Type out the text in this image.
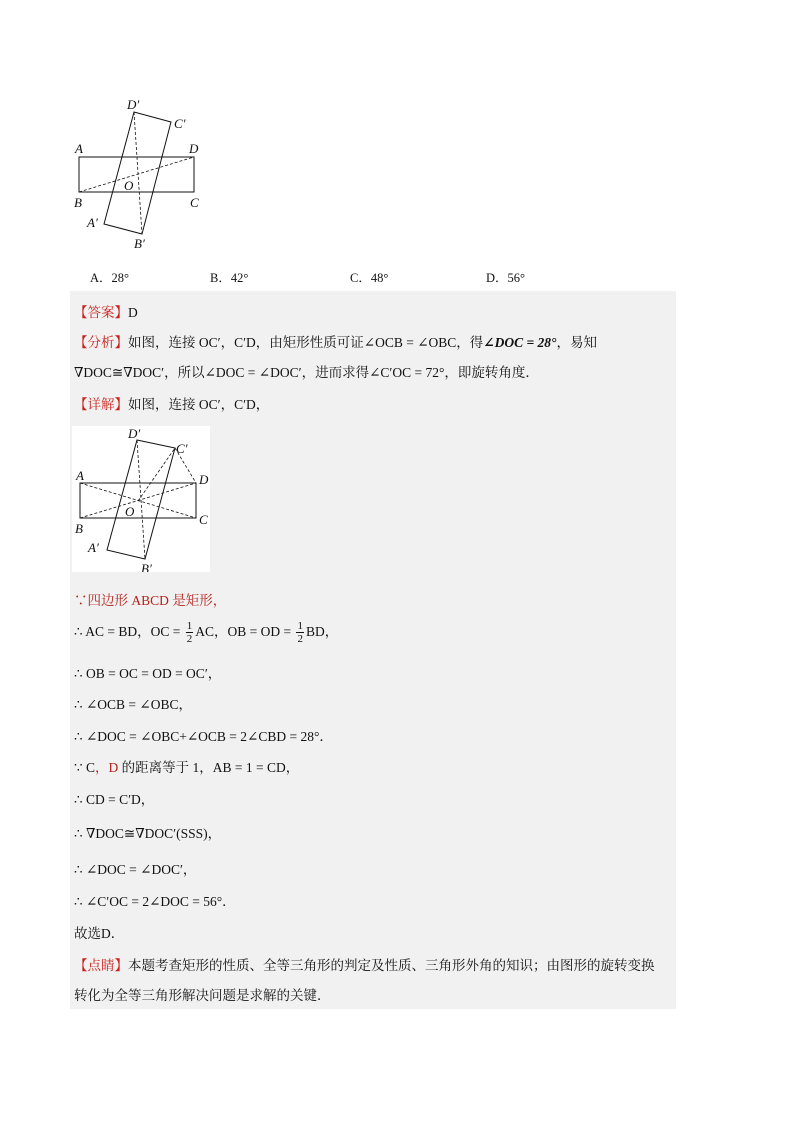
D′
C′
A	D
O
B	C
A′
B′
A．28°	B．42°	C．48°	D．56°
【答案】D
【分析】如图，连接 OC′，C′D，由矩形性质可证∠OCB = ∠OBC，得∠DOC = 28°，易知
∇DOC≅∇DOC′，所以∠DOC = ∠DOC′，进而求得∠C′OC = 72°，即旋转角度．
【详解】如图，连接 OC′，C′D，
D′
C′
A	D
O
B
C
A′
B′
∵四边形 ABCD 是矩形，
∴ AC = BD，OC = $\frac{1}{2}$ AC，OB = OD = $\frac{1}{2}$ BD，
∴ OB = OC = OD = OC′，
∴ ∠OCB = ∠OBC，
∴ ∠DOC = ∠OBC+∠OCB = 2∠CBD = 28°．
∵ C，D 的距离等于 1，AB = 1 = CD，
∴ CD = C′D，
∴ ∇DOC≅∇DOC′(SSS)，
∴ ∠DOC = ∠DOC′，
∴ ∠C′OC = 2∠DOC = 56°．
故选D．
【点睛】本题考查矩形的性质、全等三角形的判定及性质、三角形外角的知识；由图形的旋转变换
转化为全等三角形解决问题是求解的关键．
